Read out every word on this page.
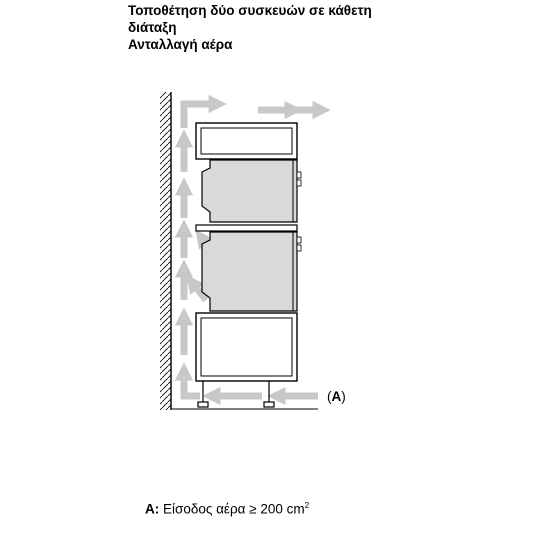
Τοποθέτηση δύο συσκευών σε κάθετη
διάταξη
Ανταλλαγή αέρα
(A)
A: Είσοδος αέρα ≥ 200 $cm^2$
